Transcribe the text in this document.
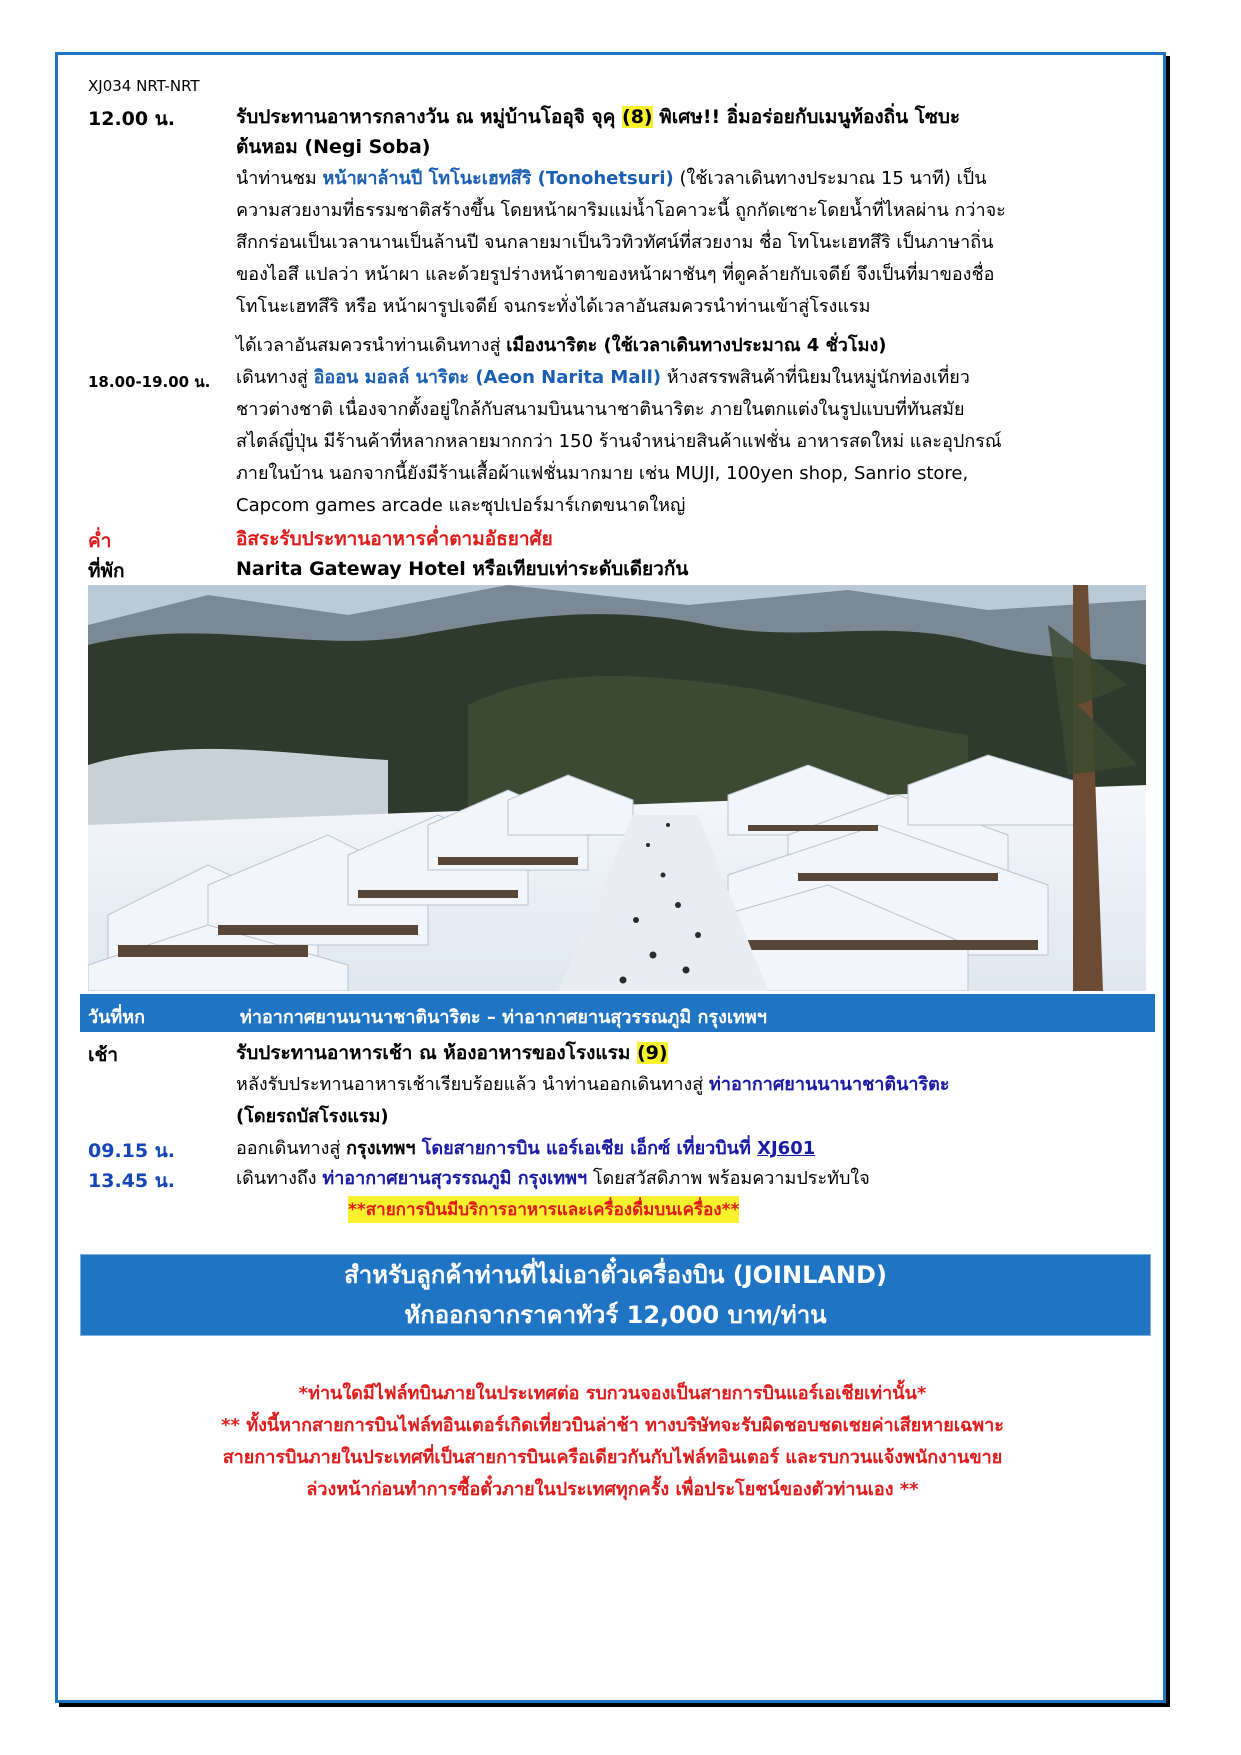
XJ034 NRT-NRT
12.00 น.	รับประทานอาหารกลางวัน ณ หมู่บ้านโออุจิ จุคุ (8) พิเศษ!! อิ่มอร่อยกับเมนูท้องถิ่น โซบะ
ต้นหอม (Negi Soba)
นำท่านชม หน้าผาล้านปี โทโนะเฮทสึริ (Tonohetsuri) (ใช้เวลาเดินทางประมาณ 15 นาที) เป็น
ความสวยงามที่ธรรมชาติสร้างขึ้น โดยหน้าผาริมแม่น้ำโอคาวะนี้ ถูกกัดเซาะโดยน้ำที่ไหลผ่าน กว่าจะ
สึกกร่อนเป็นเวลานานเป็นล้านปี จนกลายมาเป็นวิวทิวทัศน์ที่สวยงาม ชื่อ โทโนะเฮทสึริ เป็นภาษาถิ่น
ของไอสึ แปลว่า หน้าผา และด้วยรูปร่างหน้าตาของหน้าผาชันๆ ที่ดูคล้ายกับเจดีย์ จึงเป็นที่มาของชื่อ
โทโนะเฮทสึริ หรือ หน้าผารูปเจดีย์ จนกระทั่งได้เวลาอันสมควรนำท่านเข้าสู่โรงแรม
ได้เวลาอันสมควรนำท่านเดินทางสู่ เมืองนาริตะ (ใช้เวลาเดินทางประมาณ 4 ชั่วโมง)
18.00-19.00 น. เดินทางสู่ อิออน มอลล์ นาริตะ (Aeon Narita Mall) ห้างสรรพสินค้าที่นิยมในหมู่นักท่องเที่ยว
ชาวต่างชาติ เนื่องจากตั้งอยู่ใกล้กับสนามบินนานาชาตินาริตะ ภายในตกแต่งในรูปแบบที่ทันสมัย
สไตล์ญี่ปุ่น มีร้านค้าที่หลากหลายมากกว่า 150 ร้านจำหน่ายสินค้าแฟชั่น อาหารสดใหม่ และอุปกรณ์
ภายในบ้าน นอกจากนี้ยังมีร้านเสื้อผ้าแฟชั่นมากมาย เช่น MUJI, 100yen shop, Sanrio store,
Capcom games arcade และซุปเปอร์มาร์เกตขนาดใหญ่
ค่ำ	อิสระรับประทานอาหารค่ำตามอัธยาศัย
ที่พัก	Narita Gateway Hotel หรือเทียบเท่าระดับเดียวกัน
วันที่หก	ท่าอากาศยานนานาชาตินาริตะ – ท่าอากาศยานสุวรรณภูมิ กรุงเทพฯ
เช้า	รับประทานอาหารเช้า ณ ห้องอาหารของโรงแรม (9)
หลังรับประทานอาหารเช้าเรียบร้อยแล้ว นำท่านออกเดินทางสู่ ท่าอากาศยานนานาชาตินาริตะ
(โดยรถบัสโรงแรม)
09.15 น.	ออกเดินทางสู่ กรุงเทพฯ โดยสายการบิน แอร์เอเชีย เอ็กซ์ เที่ยวบินที่ XJ601
13.45 น.	เดินทางถึง ท่าอากาศยานสุวรรณภูมิ กรุงเทพฯ โดยสวัสดิภาพ พร้อมความประทับใจ
**สายการบินมีบริการอาหารและเครื่องดื่มบนเครื่อง**
สำหรับลูกค้าท่านที่ไม่เอาตั๋วเครื่องบิน (JOINLAND)
หักออกจากราคาทัวร์ 12,000 บาท/ท่าน
*ท่านใดมีไฟล์ทบินภายในประเทศต่อ รบกวนจองเป็นสายการบินแอร์เอเชียเท่านั้น*
** ทั้งนี้หากสายการบินไฟล์ทอินเตอร์เกิดเที่ยวบินล่าช้า ทางบริษัทจะรับผิดชอบชดเชยค่าเสียหายเฉพาะ
สายการบินภายในประเทศที่เป็นสายการบินเครือเดียวกันกับไฟล์ทอินเตอร์ และรบกวนแจ้งพนักงานขาย
ล่วงหน้าก่อนทำการซื้อตั๋วภายในประเทศทุกครั้ง เพื่อประโยชน์ของตัวท่านเอง **
